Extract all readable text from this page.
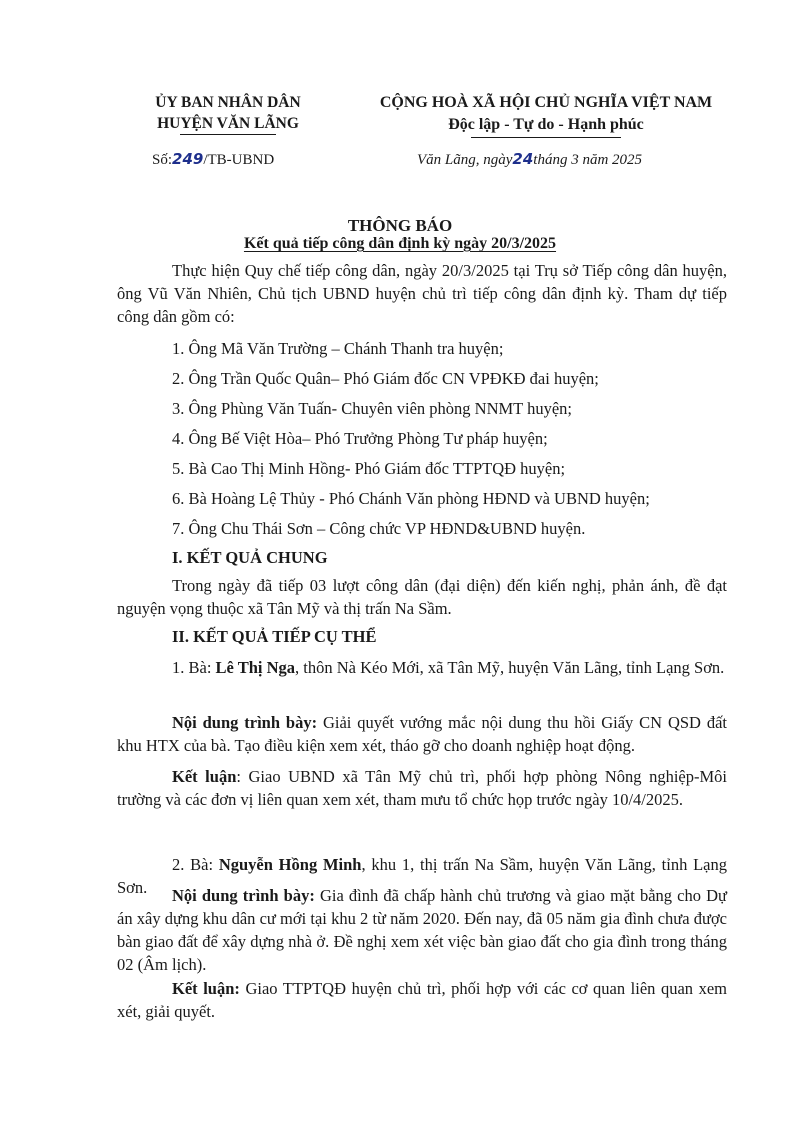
ỦY BAN NHÂN DÂN
HUYỆN VĂN LÃNG
CỘNG HOÀ XÃ HỘI CHỦ NGHĨA VIỆT NAM
Độc lập - Tự do - Hạnh phúc
Số:249/TB-UBND	Văn Lãng, ngày24tháng 3 năm 2025
THÔNG BÁO
Kết quả tiếp công dân định kỳ ngày 20/3/2025
Thực hiện Quy chế tiếp công dân, ngày 20/3/2025 tại Trụ sở Tiếp công dân huyện, ông Vũ Văn Nhiên, Chủ tịch UBND huyện chủ trì tiếp công dân định kỳ. Tham dự tiếp công dân gồm có:
1. Ông Mã Văn Trường – Chánh Thanh tra huyện;
2. Ông Trần Quốc Quân– Phó Giám đốc CN VPĐKĐ đai huyện;
3. Ông Phùng Văn Tuấn- Chuyên viên phòng NNMT huyện;
4. Ông Bế Việt Hòa– Phó Trưởng Phòng Tư pháp huyện;
5. Bà Cao Thị Minh Hồng- Phó Giám đốc TTPTQĐ huyện;
6. Bà Hoàng Lệ Thủy - Phó Chánh Văn phòng HĐND và UBND huyện;
7. Ông Chu Thái Sơn – Công chức VP HĐND&UBND huyện.
I. KẾT QUẢ CHUNG
Trong ngày đã tiếp 03 lượt công dân (đại diện) đến kiến nghị, phản ánh, đề đạt nguyện vọng thuộc xã Tân Mỹ và thị trấn Na Sầm.
II. KẾT QUẢ TIẾP CỤ THỂ
1. Bà: Lê Thị Nga, thôn Nà Kéo Mới, xã Tân Mỹ, huyện Văn Lãng, tỉnh Lạng Sơn.
Nội dung trình bày: Giải quyết vướng mắc nội dung thu hồi Giấy CN QSD đất khu HTX của bà. Tạo điều kiện xem xét, tháo gỡ cho doanh nghiệp hoạt động.
Kết luận: Giao UBND xã Tân Mỹ chủ trì, phối hợp phòng Nông nghiệp-Môi trường và các đơn vị liên quan xem xét, tham mưu tổ chức họp trước ngày 10/4/2025.
2. Bà: Nguyễn Hồng Minh, khu 1, thị trấn Na Sầm, huyện Văn Lãng, tỉnh Lạng Sơn.	Nội dung trình bày: Gia đình đã chấp hành chủ trương và giao mặt bằng cho Dự án xây dựng khu dân cư mới tại khu 2 từ năm 2020. Đến nay, đã 05 năm gia đình chưa được bàn giao đất để xây dựng nhà ở. Đề nghị xem xét việc bàn giao đất cho gia đình trong tháng 02 (Âm lịch).
Kết luận: Giao TTPTQĐ huyện chủ trì, phối hợp với các cơ quan liên quan xem xét, giải quyết.
